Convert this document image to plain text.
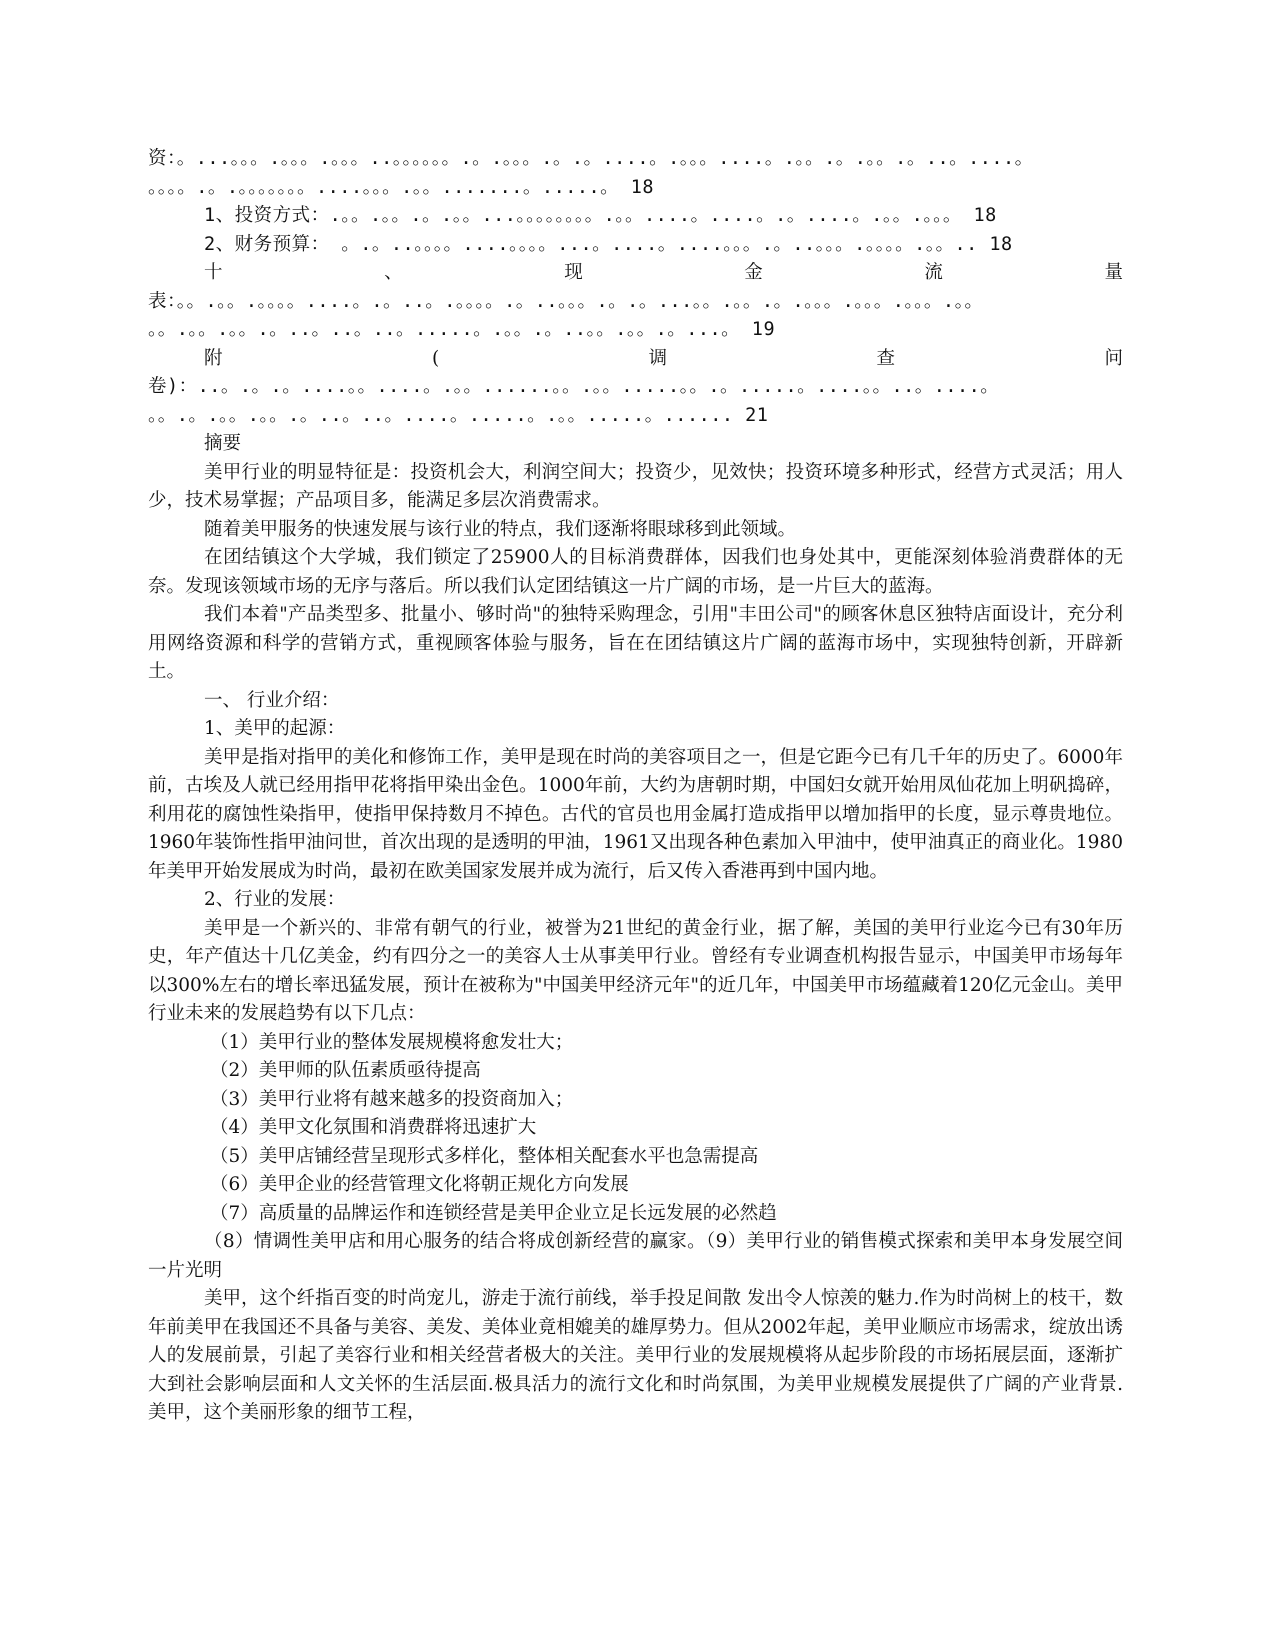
资：。...。。。.。。。.。。。..。。。。。。.。.。。。.。.。....。.。。。....。.。。.。.。。.。..。....。
。。。。.。.。。。。。。。....。。。.。。.......。.....。 18
1、投资方式：.。。.。。.。.。。...。。。。。。。。.。。....。....。.。....。.。。.。。。 18
2、财务预算： 。.。..。。。。....。。。。...。....。....。。。.。..。。。.。。。。.。。.. 18
十	、	现	金	流	量
表：。。.。。.。。。。....。.。..。.。。。。.。..。。。.。.。...。。.。。.。.。。。.。。。.。。。.。。
。。.。。.。。.。..。..。..。.....。.。。.。..。。.。。.。...。 19
附	(	调	查	问
卷)：..。.。.。....。。....。.。。......。。.。。.....。。.。.....。....。。..。....。
。。.。.。。.。。.。..。..。....。.....。.。。.....。...... 21

摘要

美甲行业的明显特征是：投资机会大，利润空间大；投资少，见效快；投资环境多种形式，经营方式灵活；用人少，技术易掌握；产品项目多，能满足多层次消费需求。

随着美甲服务的快速发展与该行业的特点，我们逐渐将眼球移到此领域。

在团结镇这个大学城，我们锁定了25900人的目标消费群体，因我们也身处其中，更能深刻体验消费群体的无奈。发现该领域市场的无序与落后。所以我们认定团结镇这一片广阔的市场，是一片巨大的蓝海。

我们本着"产品类型多、批量小、够时尚"的独特采购理念，引用"丰田公司"的顾客休息区独特店面设计，充分利用网络资源和科学的营销方式，重视顾客体验与服务，旨在在团结镇这片广阔的蓝海市场中，实现独特创新，开辟新土。

一、 行业介绍：

1、美甲的起源：

美甲是指对指甲的美化和修饰工作，美甲是现在时尚的美容项目之一，但是它距今已有几千年的历史了。6000年前，古埃及人就已经用指甲花将指甲染出金色。1000年前，大约为唐朝时期，中国妇女就开始用凤仙花加上明矾捣碎，利用花的腐蚀性染指甲，使指甲保持数月不掉色。古代的官员也用金属打造成指甲以增加指甲的长度，显示尊贵地位。1960年装饰性指甲油问世，首次出现的是透明的甲油，1961又出现各种色素加入甲油中，使甲油真正的商业化。1980年美甲开始发展成为时尚，最初在欧美国家发展并成为流行，后又传入香港再到中国内地。

2、行业的发展：

美甲是一个新兴的、非常有朝气的行业，被誉为21世纪的黄金行业，据了解，美国的美甲行业迄今已有30年历史，年产值达十几亿美金，约有四分之一的美容人士从事美甲行业。曾经有专业调查机构报告显示，中国美甲市场每年以300%左右的增长率迅猛发展，预计在被称为"中国美甲经济元年"的近几年，中国美甲市场蕴藏着120亿元金山。美甲行业未来的发展趋势有以下几点：

（1）美甲行业的整体发展规模将愈发壮大；

（2）美甲师的队伍素质亟待提高

（3）美甲行业将有越来越多的投资商加入；

（4）美甲文化氛围和消费群将迅速扩大

（5）美甲店铺经营呈现形式多样化，整体相关配套水平也急需提高

（6）美甲企业的经营管理文化将朝正规化方向发展

（7）高质量的品牌运作和连锁经营是美甲企业立足长远发展的必然趋

（8）情调性美甲店和用心服务的结合将成创新经营的赢家。（9）美甲行业的销售模式探索和美甲本身发展空间一片光明

美甲，这个纤指百变的时尚宠儿，游走于流行前线，举手投足间散 发出令人惊羡的魅力.作为时尚树上的枝干，数年前美甲在我国还不具备与美容、美发、美体业竟相媲美的雄厚势力。但从2002年起，美甲业顺应市场需求，绽放出诱人的发展前景，引起了美容行业和相关经营者极大的关注。美甲行业的发展规模将从起步阶段的市场拓展层面，逐渐扩大到社会影响层面和人文关怀的生活层面.极具活力的流行文化和时尚氛围，为美甲业规模发展提供了广阔的产业背景. 美甲，这个美丽形象的细节工程，
